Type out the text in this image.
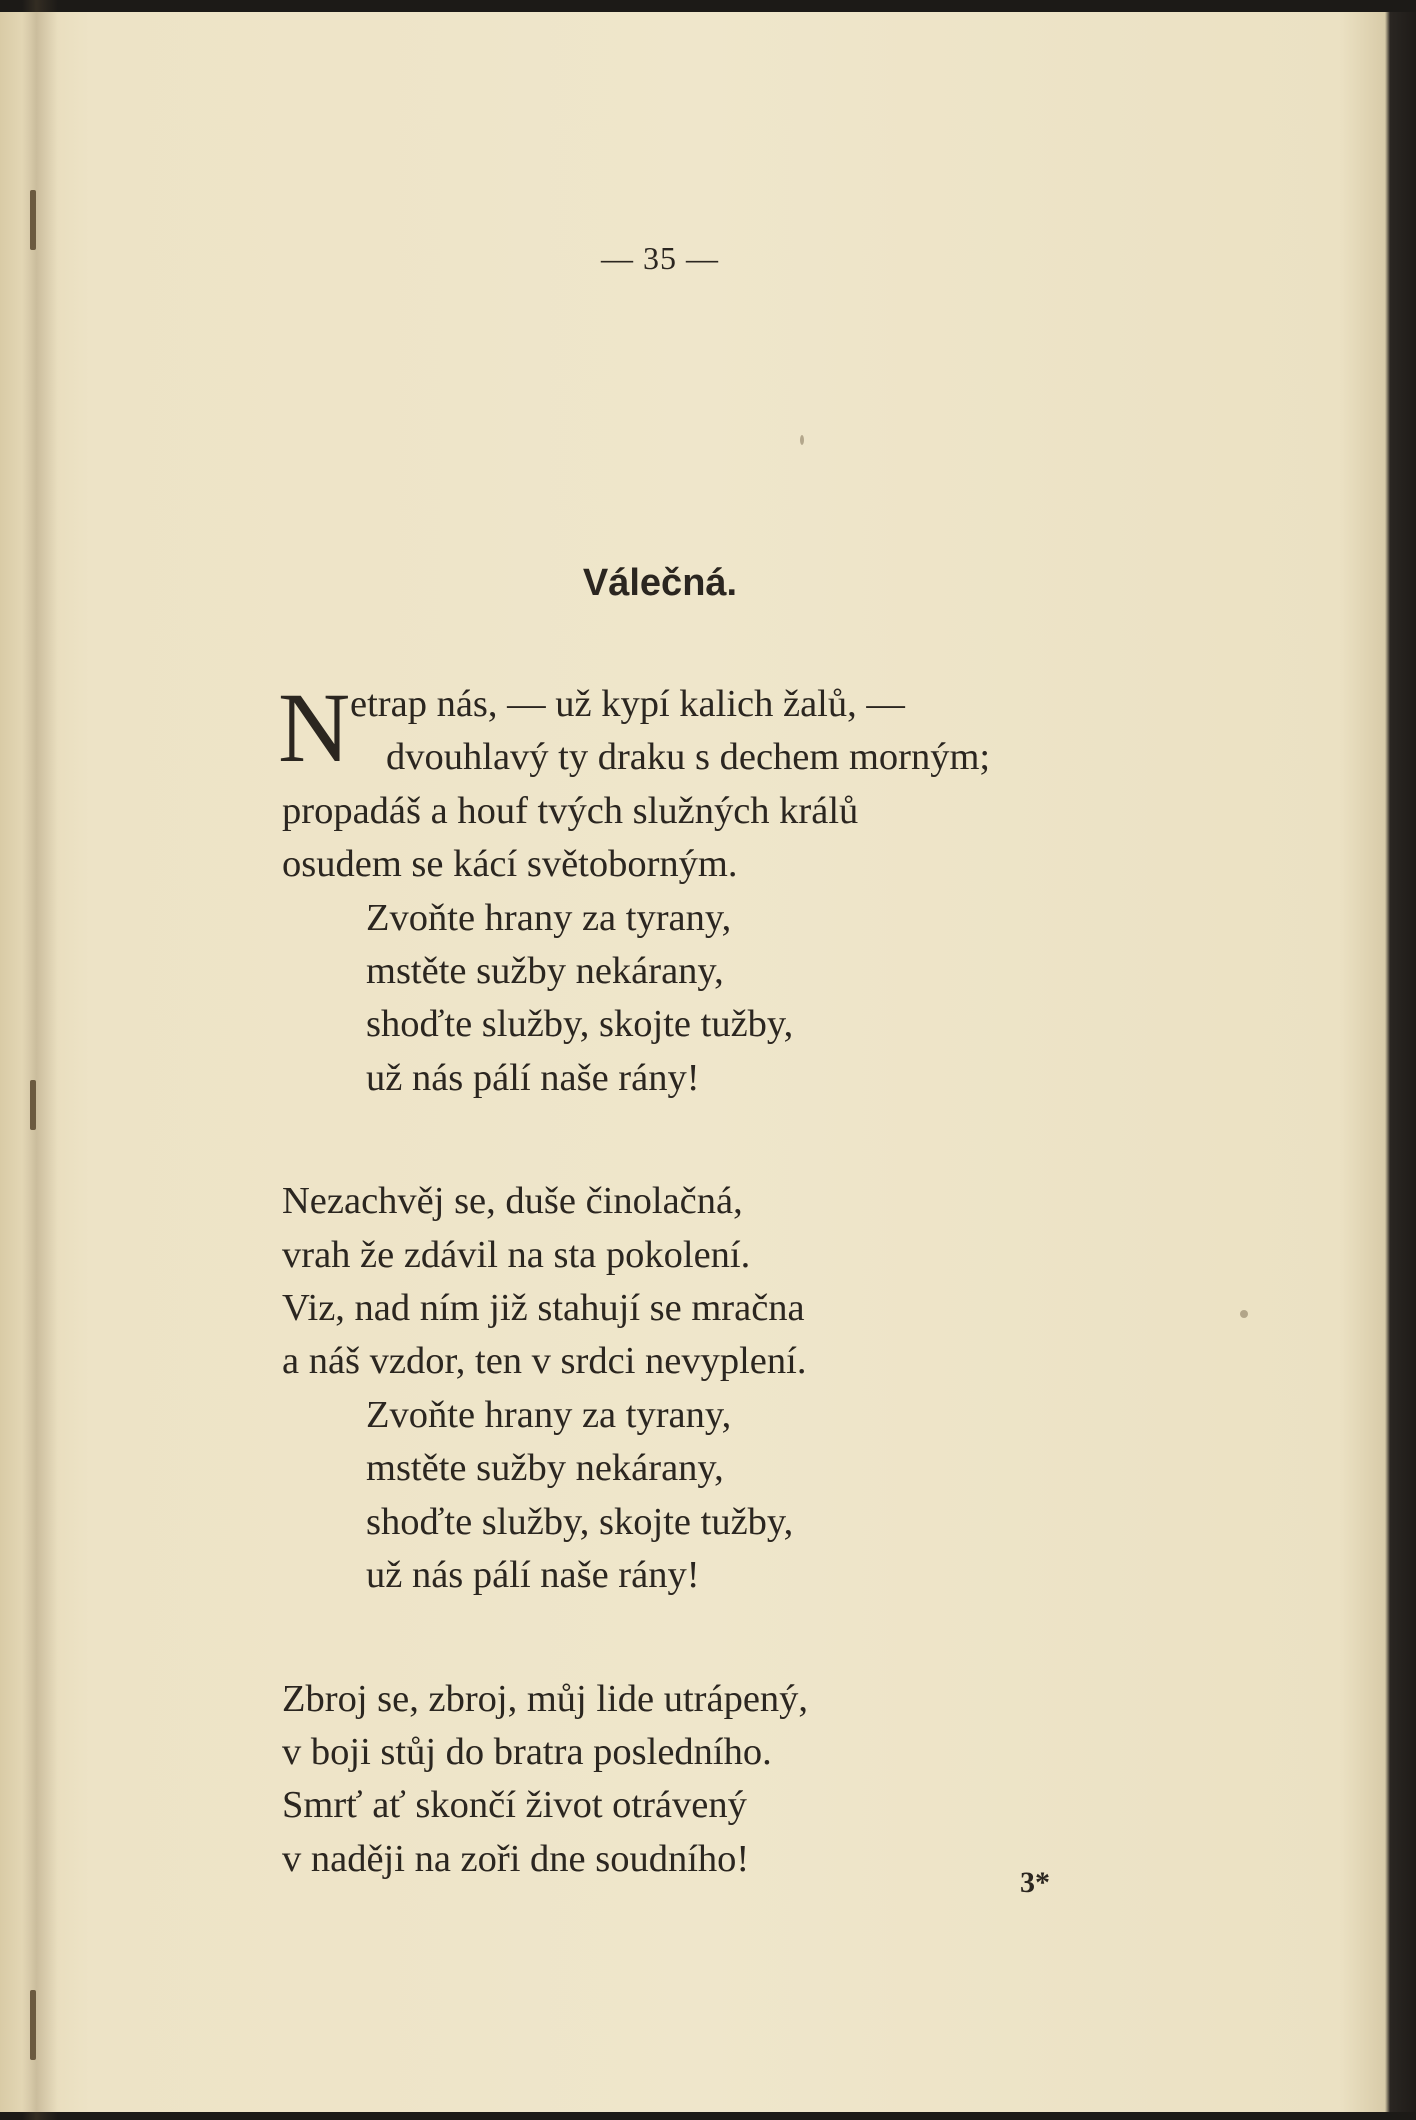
— 35 —
Válečná.
N etrap nás, — už kypí kalich žalů, —
dvouhlavý ty draku s dechem morným;
propadáš a houf tvých služných králů
osudem se kácí světoborným.
Zvoňte hrany za tyrany,
mstěte sužby nekárany,
shoďte služby, skojte tužby,
už nás pálí naše rány!
Nezachvěj se, duše činolačná,
vrah že zdávil na sta pokolení.
Viz, nad ním již stahují se mračna
a náš vzdor, ten v srdci nevyplení.
Zvoňte hrany za tyrany,
mstěte sužby nekárany,
shoďte služby, skojte tužby,
už nás pálí naše rány!
Zbroj se, zbroj, můj lide utrápený,
v boji stůj do bratra posledního.
Smrť ať skončí život otrávený
v naději na zoři dne soudního!
3*
